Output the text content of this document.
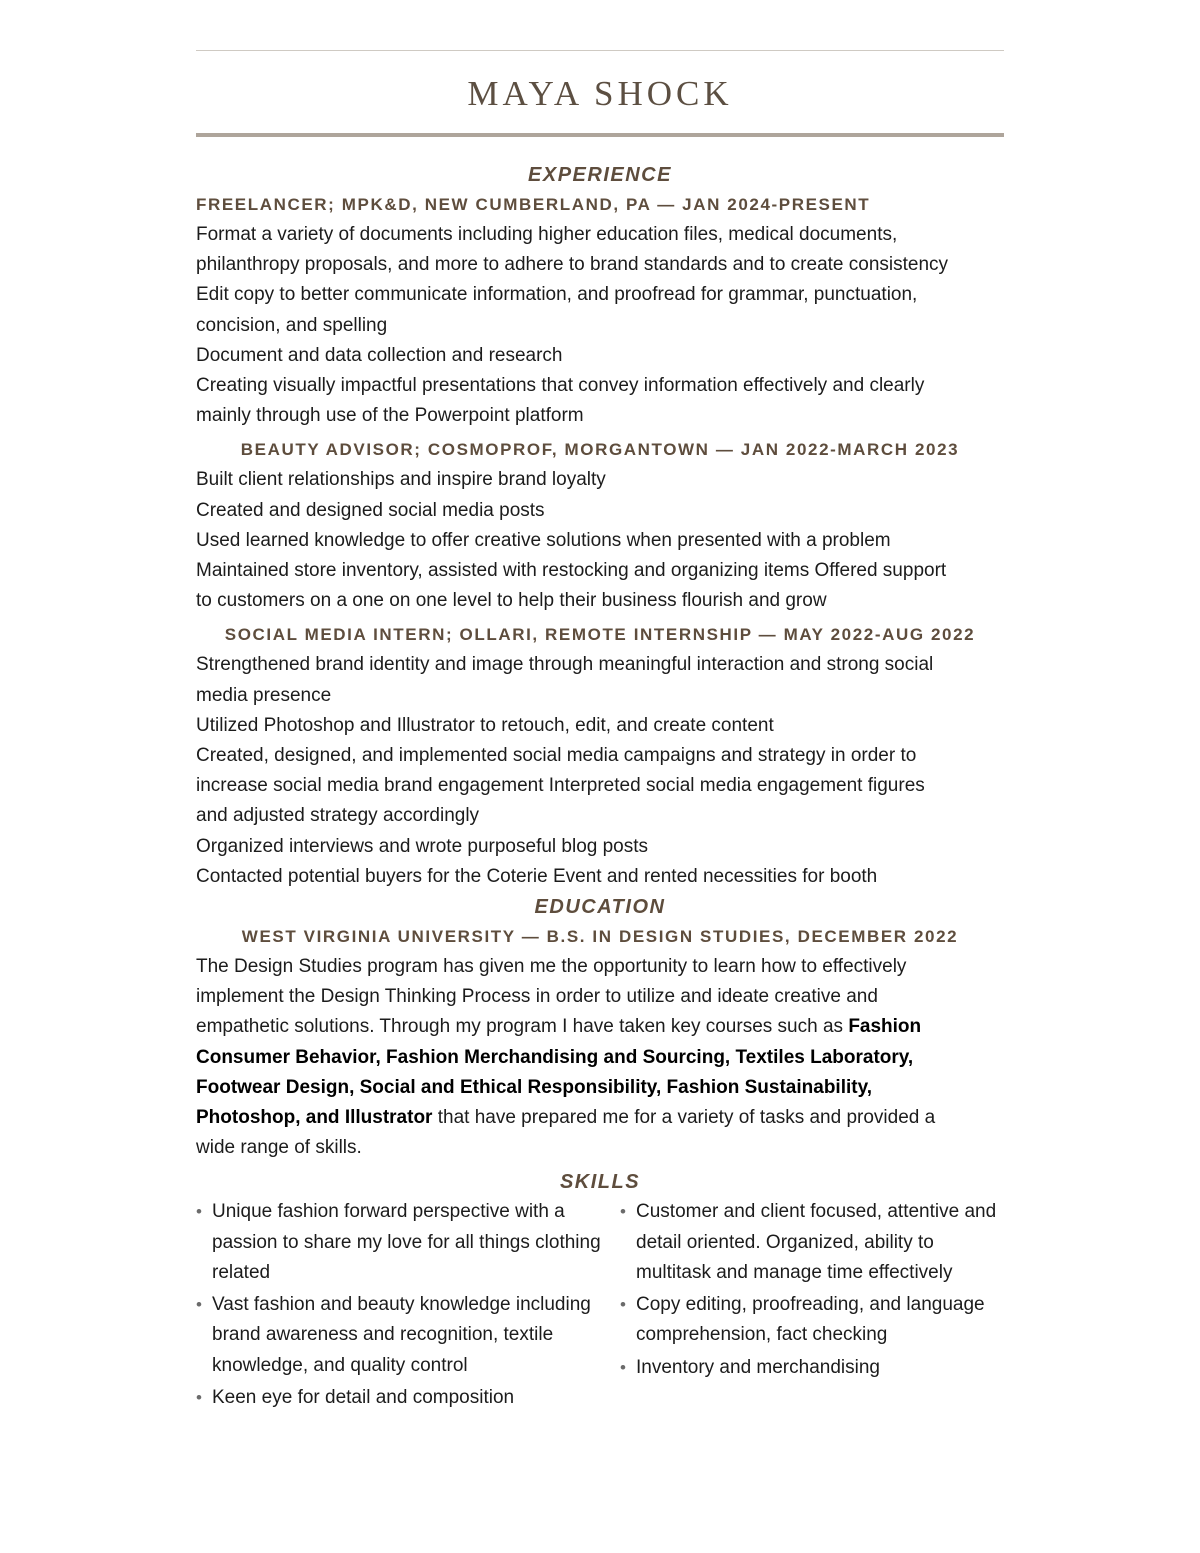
MAYA SHOCK
EXPERIENCE
FREELANCER; MPK&D, NEW CUMBERLAND, PA — JAN 2024-PRESENT

Format a variety of documents including higher education files, medical documents,

philanthropy proposals, and more to adhere to brand standards and to create consistency

Edit copy to better communicate information, and proofread for grammar, punctuation,

concision, and spelling

Document and data collection and research

Creating visually impactful presentations that convey information effectively and clearly

mainly through use of the Powerpoint platform

BEAUTY ADVISOR; COSMOPROF, MORGANTOWN — JAN 2022-MARCH 2023

Built client relationships and inspire brand loyalty

Created and designed social media posts

Used learned knowledge to offer creative solutions when presented with a problem

Maintained store inventory, assisted with restocking and organizing items Offered support

to customers on a one on one level to help their business flourish and grow

SOCIAL MEDIA INTERN; OLLARI, REMOTE INTERNSHIP — MAY 2022-AUG 2022

Strengthened brand identity and image through meaningful interaction and strong social

media presence

Utilized Photoshop and Illustrator to retouch, edit, and create content

Created, designed, and implemented social media campaigns and strategy in order to

increase social media brand engagement Interpreted social media engagement figures

and adjusted strategy accordingly

Organized interviews and wrote purposeful blog posts

Contacted potential buyers for the Coterie Event and rented necessities for booth

EDUCATION
WEST VIRGINIA UNIVERSITY — B.S. IN DESIGN STUDIES, DECEMBER 2022

The Design Studies program has given me the opportunity to learn how to effectively

implement the Design Thinking Process in order to utilize and ideate creative and

empathetic solutions. Through my program I have taken key courses such as Fashion

Consumer Behavior, Fashion Merchandising and Sourcing, Textiles Laboratory,

Footwear Design, Social and Ethical Responsibility, Fashion Sustainability,

Photoshop, and Illustrator that have prepared me for a variety of tasks and provided a

wide range of skills.

SKILLS
• Unique fashion forward perspective with a passion to share my love for all things clothing related
• Vast fashion and beauty knowledge including brand awareness and recognition, textile knowledge, and quality control
• Keen eye for detail and composition
• Customer and client focused, attentive and detail oriented. Organized, ability to multitask and manage time effectively
• Copy editing, proofreading, and language comprehension, fact checking
• Inventory and merchandising
